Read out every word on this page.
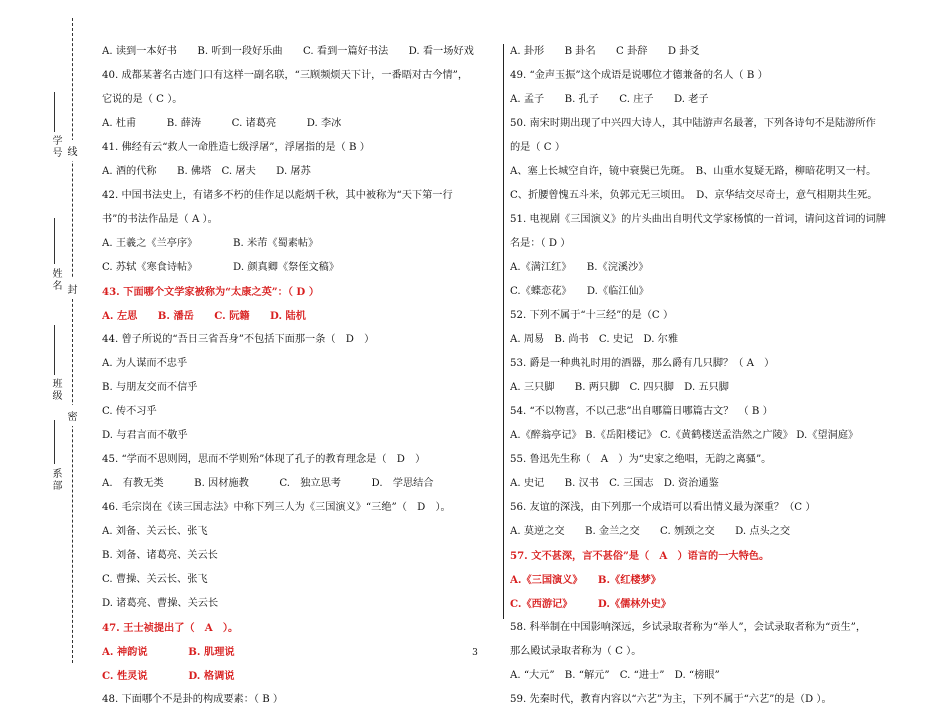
学号
姓名
班级
系部
线
封
密
A. 读到一本好书　　B. 听到一段好乐曲　　C. 看到一篇好书法　　D. 看一场好戏
40. 成都某著名古迹门口有这样一副名联，“三顾频烦天下计，一番晤对古今情”，
它说的是（ C ）。
A. 杜甫　　　B. 薛涛　　　C. 诸葛亮　　　D. 李冰
41. 佛经有云“救人一命胜造七级浮屠”，浮屠指的是（ B ）
A. 酒的代称　　B. 佛塔　C. 屠夫　　D. 屠苏
42. 中国书法史上，有诸多不朽的佳作足以彪炳千秋，其中被称为“天下第一行
书”的书法作品是（ A ）。
A. 王羲之《兰亭序》　　　　B. 米芾《蜀素帖》
C. 苏轼《寒食诗帖》　　　　D. 颜真卿《祭侄文稿》
43. 下面哪个文学家被称为“太康之英”：（ D ）
A. 左思　　B. 潘岳　　C. 阮籍　　D. 陆机
44. 曾子所说的“吾日三省吾身”不包括下面那一条（　D　）
A. 为人谋而不忠乎
B. 与朋友交而不信乎
C. 传不习乎
D. 与君言而不敬乎
45. “学而不思则罔，思而不学则殆”体现了孔子的教育理念是（　D　）
A.　有教无类　　　B. 因材施教　　　C.　独立思考　　　D.　学思结合
46. 毛宗岗在《读三国志法》中称下列三人为《三国演义》“三绝”（　D　）。
A. 刘备、关云长、张飞
B. 刘备、诸葛亮、关云长
C. 曹操、关云长、张飞
D. 诸葛亮、曹操、关云长
47. 王士祯提出了（　A　）。
A. 神韵说　　　　B. 肌理说
C. 性灵说　　　　D. 格调说
48. 下面哪个不是卦的构成要素：（ B ）
A. 卦形　　B 卦名　　C 卦辞　　D 卦爻
49. “金声玉振”这个成语是说哪位才德兼备的名人（ B ）
A. 孟子　　B. 孔子　　C. 庄子　　D. 老子
50. 南宋时期出现了中兴四大诗人，其中陆游声名最著，下列各诗句不是陆游所作
的是（ C ）
A、塞上长城空自许，镜中衰鬓已先斑。　B、山重水复疑无路，柳暗花明又一村。
C、折腰曾愧五斗米，负郭元无三顷田。　D、京华结交尽奇士，意气相期共生死。
51. 电视剧《三国演义》的片头曲出自明代文学家杨慎的一首词，请问这首词的词牌
名是：（ D ）
A.《满江红》　　B.《浣溪沙》
C.《蝶恋花》　　D.《临江仙》
52. 下列不属于“十三经”的是（C ）
A. 周易　B. 尚书　C. 史记　D. 尔雅
53. 爵是一种典礼时用的酒器，那么爵有几只脚？（ A　）
A. 三只脚　　B. 两只脚　C. 四只脚　D. 五只脚
54. “不以物喜，不以己悲”出自哪篇日哪篇古文？　（ B ）
A.《醉翁亭记》 B.《岳阳楼记》 C.《黄鹤楼送孟浩然之广陵》 D.《望洞庭》
55. 鲁迅先生称（　A　）为“史家之绝唱，无韵之离骚”。
A. 史记　　B. 汉书　C. 三国志　D. 资治通鉴
56. 友谊的深浅，由下列那一个成语可以看出情义最为深重？（C ）
A. 莫逆之交　　B. 金兰之交　　C. 刎颈之交　　D. 点头之交
57. 文不甚深，言不甚俗”是（　A　）语言的一大特色。
A.《三国演义》　　B.《红楼梦》
C.《西游记》　　　D.《儒林外史》
58. 科举制在中国影响深远，乡试录取者称为“举人”，会试录取者称为“贡生”，
那么殿试录取者称为（ C ）。
A. “大元”　B. “解元”　C. “进士”　D. “榜眼”
59. 先秦时代，教育内容以“六艺”为主，下列不属于“六艺”的是（D ）。
3
